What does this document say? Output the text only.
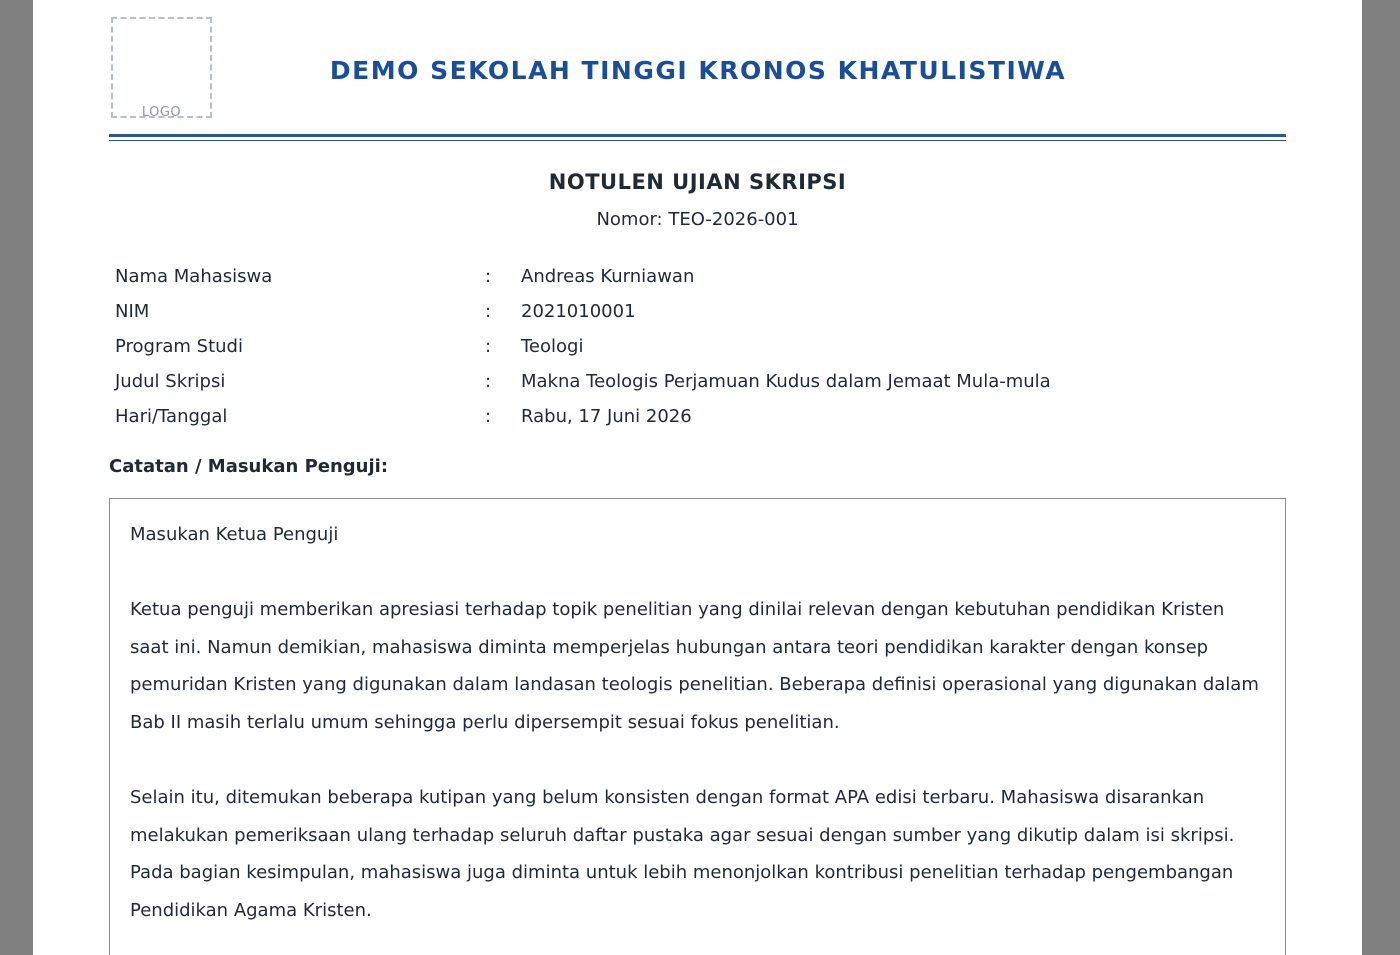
LOGO
DEMO SEKOLAH TINGGI KRONOS KHATULISTIWA
NOTULEN UJIAN SKRIPSI
Nomor: TEO-2026-001
Nama Mahasiswa	: Andreas Kurniawan
NIM	: 2021010001
Program Studi	: Teologi
Judul Skripsi	: Makna Teologis Perjamuan Kudus dalam Jemaat Mula-mula
Hari/Tanggal	: Rabu, 17 Juni 2026
Catatan / Masukan Penguji:

Masukan Ketua Penguji

Ketua penguji memberikan apresiasi terhadap topik penelitian yang dinilai relevan dengan kebutuhan pendidikan Kristen saat ini. Namun demikian, mahasiswa diminta memperjelas hubungan antara teori pendidikan karakter dengan konsep pemuridan Kristen yang digunakan dalam landasan teologis penelitian. Beberapa definisi operasional yang digunakan dalam Bab II masih terlalu umum sehingga perlu dipersempit sesuai fokus penelitian.

Selain itu, ditemukan beberapa kutipan yang belum konsisten dengan format APA edisi terbaru. Mahasiswa disarankan melakukan pemeriksaan ulang terhadap seluruh daftar pustaka agar sesuai dengan sumber yang dikutip dalam isi skripsi. Pada bagian kesimpulan, mahasiswa juga diminta untuk lebih menonjolkan kontribusi penelitian terhadap pengembangan Pendidikan Agama Kristen.
